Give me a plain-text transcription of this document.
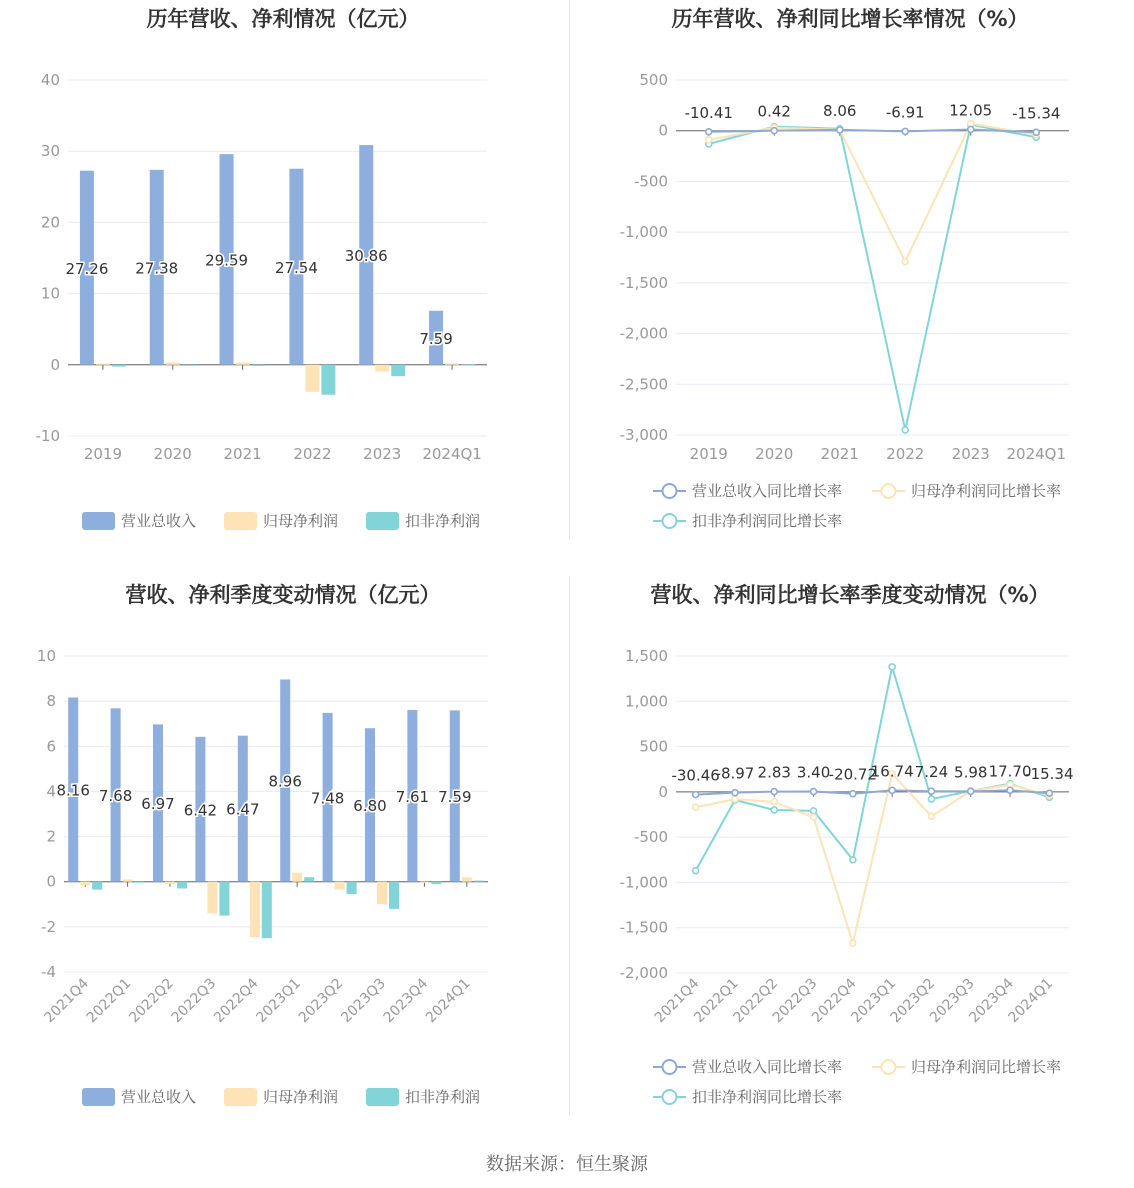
历年营收、净利情况（亿元）
40
30
20
10
0
-10
2019 2020 2021 2022 2023 2024Q1
27.26 27.38 29.59 27.54
30.86
7.59
营业总收入	归母净利润	扣非净利润
历年营收、净利同比增长率情况（%）
500
0
-500
-1,000
-1,500
-2,000
-2,500
-3,000
2019 2020 2021 2022 2023 2024Q1
-10.41 0.42 8.06 -6.91 12.05 -15.34
营业总收入同比增长率	归母净利润同比增长率
扣非净利润同比增长率
营收、净利季度变动情况（亿元）
10
8
6
4
2
0
-2
-4
2021Q4
2022Q1
2022Q2
2022Q3
2022Q4
2023Q1
2023Q2
2023Q3
2023Q4
2024Q1
8.16 7.68 6.97 6.42 6.47
8.96
7.48 6.80
7.61 7.59
营业总收入	归母净利润	扣非净利润
营收、净利同比增长率季度变动情况（%）
1,500
1,000
500
0
-500
-1,000
-1,500
-2,000
2021Q4
2022Q1
2022Q2
2022Q3
2022Q4
2023Q1
2023Q2
2023Q3
2023Q4
2024Q1
-30.46
-8.97 2.83 3.40
-20.72
16.74 7.24 5.98 17.70
-15.34
营业总收入同比增长率	归母净利润同比增长率
扣非净利润同比增长率
数据来源：恒生聚源
